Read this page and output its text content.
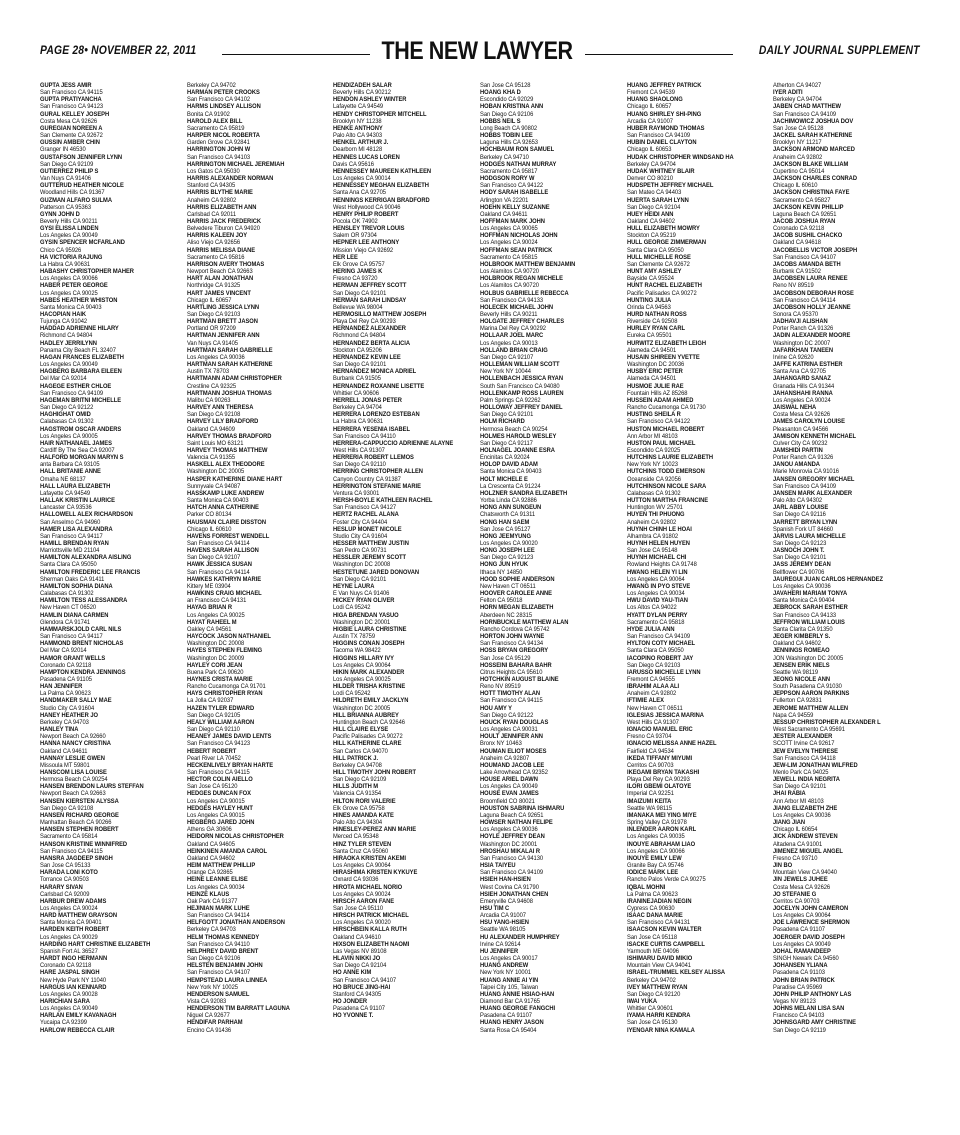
PAGE 28• NOVEMBER 22, 2011	THE NEW LAWYER	DAILY JOURNAL SUPPLEMENT
GUPTA JESS AMIR
San Francisco CA 94115
GUPTA PRATIYANCHA
San Francisco CA 94123
GURAL KELLEY JOSEPH
Costa Mesa CA 92626
GUREGIAN NOREEN A
San Clemente CA 92672
GUSSIN AMBER CHIN
Granger IN 46530
GUSTAFSON JENNIFER LYNN
San Diego CA 92109
GUTIERREZ PHILIP S
Van Nuys CA 91406
GUTTERUD HEATHER NICOLE
Woodland Hills CA 91367
GUZMAN ALFARO SULMA
Patterson CA 95363
GYNN JOHN D
Beverly Hills CA 90211
GYSI ELISSA LINDEN
Los Angeles CA 90049
GYSIN SPENCER MCFARLAND
Chico CA 95926
HA VICTORIA RAJUNG
La Habra CA 90631
HABASHY CHRISTOPHER MAHER
Los Angeles CA 90066
HABER PETER GEORGE
Los Angeles CA 90025
HABES HEATHER WHISTON
Santa Monica CA 90403
HACOPIAN HAIK
Tujunga CA 91042
HADDAD ADRIENNE HILARY
Richmond CA 94804
HADLEY JERRILYNN
Panama City Beach FL 32407
HAGAN FRANCES ELIZABETH
Los Angeles CA 90049
HAGBERG BARBARA EILEEN
Del Mar CA 92014
HAGEGE ESTHER CHLOE
San Francisco CA 94109
HAGEMAN BRITNI MICHELLE
San Diego CA 92122
HAGHIGHAT OMID
Calabasas CA 91302
HAGSTROM OSCAR ANDERS
Los Angeles CA 90005
HAIR NATHANAEL JAMES
Cardiff By The Sea CA 92007
HALFORD MORGAN MARYN S
anta Barbara CA 93105
HALL BRITANIE ANNE
Omaha NE 68137
HALL LAURA ELIZABETH
Lafayette CA 94549
HALLAK KRISTIN LAURICE
Lancaster CA 93536
HALLOWELL ALEX RICHARDSON
San Anselmo CA 94960
HAMER LISA ALEXANDRA
San Francisco CA 94117
HAMILL BRENDAN RYAN
Marriottsville MD 21104
HAMILTON ALEXANDRA AISLING
Santa Clara CA 95050
HAMILTON FREDERIC LEE FRANCIS
Sherman Oaks CA 91411
HAMILTON SOPHIA DIANA
Calabasas CA 91302
HAMILTON TESS ALESSANDRA
New Haven CT 06520
HAMLIN DIANA CARMEN
Glendora CA 91741
HAMMARSKJOLD CARL NILS
San Francisco CA 94117
HAMMOND BRENT NICHOLAS
Del Mar CA 92014
HAMOR GRANT WELLS
Coronado CA 92118
HAMPTON KENDRA JENNINGS
Pasadena CA 91105
HAN JENNIFER
La Palma CA 90623
HANDMAKER SALLY MAE
Studio City CA 91604
HANEY HEATHER JO
Berkeley CA 94703
HANLEY TINA
Newport Beach CA 92660
HANNA NANCY CRISTINA
Oakland CA 94611
HANNAY LESLIE GWEN
Missoula MT 59801
HANSCOM LISA LOUISE
Hermosa Beach CA 90254
HANSEN BRENDON LAURS STEFFAN
Newport Beach CA 92663
HANSEN KIERSTEN ALYSSA
San Diego CA 92108
HANSEN RICHARD GEORGE
Manhattan Beach CA 90266
HANSEN STEPHEN ROBERT
Sacramento CA 95814
HANSON KRISTINE WINNIFRED
San Francisco CA 94115
HANSRA JAGDEEP SINGH
San Jose CA 95133
HARADA LONI KOTO
Torrance CA 90503
HARARY SIVAN
Carlsbad CA 92009
HARBUR DREW ADAMS
Los Angeles CA 90024
HARD MATTHEW GRAYSON
Santa Monica CA 90401
HARDEN KEITH ROBERT
Los Angeles CA 90029
HARDING HART CHRISTINE ELIZABETH
Spanish Fort AL 36527
HARDT INGO HERMANN
Coronado CA 92118
HARE JASPAL SINGH
New Hyde Park NY 11040
HARGUS IAN KENNARD
Los Angeles CA 90028
HARICHIAN SARA
Los Angeles CA 90049
HARLAN EMILY KAVANAGH
Yucaipa CA 92399
HARLOW REBECCA CLAIR
Berkeley CA 94702
HARMAN PETER CROOKS
San Francisco CA 94102
HARMS LINDSEY ALLISON
Bonita CA 91902
HAROLD ALEX BILL
Sacramento CA 95819
HARPER NICOL ROBERTA
Garden Grove CA 92841
HARRINGTON JOHN W
San Francisco CA 94103
HARRINGTON MICHAEL JEREMIAH
Los Gatos CA 95030
HARRIS ALEXANDER NORMAN
Stanford CA 94305
HARRIS BLYTHE MARIE
Anaheim CA 92802
HARRIS ELIZABETH ANN
Carlsbad CA 92011
HARRIS JACK FREDERICK
Belvedere Tiburon CA 94920
HARRIS KALEEN JOY
Aliso Viejo CA 92656
HARRIS MELISSA DIANE
Sacramento CA 95816
HARRISON AVERY THOMAS
Newport Beach CA 92663
HART ALAN JONATHAN
Northridge CA 91325
HART JAMES VINCENT
Chicago IL 60657
HARTLING JESSICA LYNN
San Diego CA 92103
HARTMAN BRETT JASON
Portland OR 97209
HARTMAN JENNIFER ANN
Van Nuys CA 91405
HARTMAN SARAH GABRIELLE
Los Angeles CA 90036
HARTMAN SARAH KATHERINE
Austin TX 78703
HARTMANN ADAM CHRISTOPHER
Crestline CA 92325
HARTMANN JOSHUA THOMAS
Malibu CA 90263
HARVEY ANN THERESA
San Diego CA 92108
HARVEY LILY BRADFORD
Oakland CA 94609
HARVEY THOMAS BRADFORD
Saint Louis MO 63121
HARVEY THOMAS MATTHEW
Valencia CA 91355
HASKELL ALEX THEODORE
Washington DC 20005
HASPER KATHERINE DIANE HART
Sunnyvale CA 94087
HASSKAMP LUKE ANDREW
Santa Monica CA 90403
HATCH ANNA CATHERINE
Parker CO 80134
HAUSMAN CLAIRE DISSTON
Chicago IL 60610
HAVENS FORREST WENDELL
San Francisco CA 94114
HAVENS SARAH ALLISON
San Diego CA 92107
HAWK JESSICA SUSAN
San Francisco CA 94114
HAWKES KATHRYN MARIE
Kittery ME 03904
HAWKINS CRAIG MICHAEL
an Francisco CA 94131
HAYAG BRIAN R
Los Angeles CA 90025
HAYAT RAHEEL M
Oakley CA 94561
HAYCOCK JASON NATHANIEL
Washington DC 20008
HAYES STEPHEN FLEMING
Washington DC 20009
HAYLEY CORI JEAN
Buena Park CA 90620
HAYNES CRISTA MARIE
Rancho Cucamonga CA 91701
HAYS CHRISTOPHER RYAN
La Jolla CA 92037
HAZEN TYLER EDWARD
San Diego CA 92105
HEALY WILLIAM AARON
San Diego CA 92110
HEANEY JAMES DAVID LENTS
San Francisco CA 94123
HEBERT ROBERT
Pearl River LA 70452
HECKENLIVELY BRYAN HARTE
San Francisco CA 94115
HECTOR COLIN AIELLO
San Jose CA 95120
HEDGES DUNCAN FOX
Los Angeles CA 90015
HEDGES HAYLEY HUNT
Los Angeles CA 90015
HEGBERG JARED JOHN
Athens GA 30606
HEIDORN NICOLAS CHRISTOPHER
Oakland CA 94605
HEINKINEN AMANDA CAROL
Oakland CA 94602
HEIM MATTHEW PHILLIP
Orange CA 92865
HEINE LEANNE ELISE
Los Angeles CA 90034
HEINZE KLAUS
Oak Park CA 91377
HEJINIAN MARK LUHE
San Francisco CA 94114
HELFGOTT JONATHAN ANDERSON
Berkeley CA 94703
HELM THOMAS KENNEDY
San Francisco CA 94110
HELPHREY DAVID BRENT
San Diego CA 92106
HELSTEN BENJAMIN JOHN
San Francisco CA 94107
HEMPSTEAD LAURA LINNEA
New York NY 10025
HENDERSON SAMUEL
Vista CA 92083
HENDERSON TIM BARRATT LAGUNA
Niguel CA 92677
HENDIFAR PARHAM
Encino CA 91436
HENDIZADEH SALAR
Beverly Hills CA 90212
HENDON ASHLEY WINTER
Lafayette CA 94549
HENDY CHRISTOPHER MITCHELL
Brooklyn NY 11238
HENKE ANTHONY
Palo Alto CA 94303
HENKEL ARTHUR J.
Dearborn MI 48128
HENNES LUCAS LOREN
Davis CA 95616
HENNESSEY MAUREEN KATHLEEN
Los Angeles CA 90014
HENNESSEY MEGHAN ELIZABETH
Santa Ana CA 92705
HENNINGS KERRIGAN BRADFORD
West Hollywood CA 90046
HENRY PHILIP ROBERT
Pocola OK 74902
HENSLEY TREVOR LOUIS
Salem OR 97304
HEPNER LEE ANTHONY
Mission Viejo CA 92692
HER LEE
Elk Grove CA 95757
HERING JAMES K
Fresno CA 93720
HERMAN JEFFREY SCOTT
San Diego CA 92101
HERMAN SARAH LINDSAY
Bellevue WA 98004
HERMOSILLO MATTHEW JOSEPH
Playa Del Rey CA 90293
HERNANDEZ ALEXANDER
Richmond CA 94804
HERNANDEZ BERTA ALICIA
Stockton CA 95206
HERNANDEZ KEVIN LEE
San Diego CA 92101
HERNANDEZ MONICA ADRIEL
Burbank CA 91505
HERNANDEZ ROXANNE LISETTE
Whittier CA 90606
HERRELL JONAS PETER
Berkeley CA 94704
HERRERA LORENZO ESTEBAN
La Habra CA 90631
HERRERA YESENIA ISABEL
San Francisco CA 94110
HERRERA-CAPPUCCIO ADRIENNE ALAYNE
West Hills CA 91307
HERRERIA ROBERT LLEMOS
San Diego CA 92110
HERRING CHRISTOPHER ALLEN
Canyon Country CA 91387
HERRINGTON STEFANIE MARIE
Ventura CA 93001
HERSH-BOYLE KATHLEEN RACHEL
San Francisco CA 94127
HERTZ RACHEL ALANA
Foster City CA 94404
HESLUP MONET NICOLE
Studio City CA 91604
HESSER MATTHEW JUSTIN
San Pedro CA 90731
HESSLER JEREMY SCOTT
Washington DC 20008
HESTETUNE JARED DONOVAN
San Diego CA 92101
HEYNE LAURA
E Van Nuys CA 91406
HICKEY RYAN OLIVER
Lodi CA 95242
HIGA BRENDAN YASUO
Washington DC 20001
HIGBIE LAURA CHRISTINE
Austin TX 78759
HIGGINS CONAN JOSEPH
Tacoma WA 98422
HIGGINS HILLARY IVY
Los Angeles CA 90064
HIKIN MARK ALEXANDER
Los Angeles CA 90025
HILDER TRISHA KRISTINE
Lodi CA 95242
HILDRETH EMILY JACKLYN
Washington DC 20005
HILL BRIANNA AUBREY
Huntington Beach CA 92646
HILL CLAIRE ELYSE
Pacific Palisades CA 90272
HILL KATHERINE CLARE
San Carlos CA 94070
HILL PATRICK J.
Berkeley CA 94708
HILL TIMOTHY JOHN ROBERT
San Diego CA 92109
HILLS JUDITH M
Valencia CA 91354
HILTON RORI VALERIE
Elk Grove CA 95758
HINES AMANDA KATE
Palo Alto CA 94304
HINESLEY-PEREZ ANN MARIE
Merced CA 95348
HINZ TYLER STEVEN
Santa Cruz CA 95060
HIRAOKA KRISTEN AKEMI
Los Angeles CA 90064
HIRASHIMA KRISTEN KYKUYE
Oxnard CA 93036
HIROTA MICHAEL NORIO
Los Angeles CA 90024
HIRSCH AARON FANE
San Jose CA 95110
HIRSCH PATRICK MICHAEL
Los Angeles CA 90020
HIRSCHBEIN KALLA RUTH
Oakland CA 94610
HIXSON ELIZABETH NAOMI
Las Vegas NV 89108
HLAVIN NIKKI JO
San Diego CA 92104
HO ANNE KIM
San Francisco CA 94107
HO BRUCE JING-HAI
Stanford CA 94305
HO JONDER
Pasadena CA 91107
HO YVONNE T.
San Jose CA 95128
HOANG KHA D
Escondido CA 92029
HOBAN KRISTINA ANN
San Diego CA 92106
HOBBS NEIL S
Long Beach CA 90802
HOBBS TOBIN LEE
Laguna Hills CA 92653
HOCHBAUM RON SAMUEL
Berkeley CA 94710
HODGES NATHAN MURRAY
Sacramento CA 95817
HODGSON RORY W
San Francisco CA 94122
HODY SARAH ISABELLE
Arlington VA 22201
HOEHN KELLY SUZANNE
Oakland CA 94611
HOFFMAN MARK JOHN
Los Angeles CA 90065
HOFFMAN NICHOLAS JOHN
Los Angeles CA 90024
HOFFMAN SEAN PATRICK
Sacramento CA 95815
HOLBROOK MATTHEW BENJAMIN
Los Alamitos CA 90720
HOLBROOK REGAN MICHELE
Los Alamitos CA 90720
HOLBUS GABRIELLE REBECCA
San Francisco CA 94133
HOLECEK MICHAEL JOHN
Beverly Hills CA 90211
HOLGATE JEFFREY CHARLES
Marina Del Rey CA 90292
HOLLAAR JOEL MARC
Los Angeles CA 90013
HOLLAND BRIAN CRAIG
San Diego CA 92107
HOLLEMAN WILLIAM SCOTT
New York NY 10044
HOLLENBACH JESSICA RYAN
South San Francisco CA 94080
HOLLENKAMP ROSS LAUREN
Palm Springs CA 92262
HOLLOWAY JEFFREY DANIEL
San Diego CA 92101
HOLM RICHARD
Hermosa Beach CA 90254
HOLMES HAROLD WESLEY
San Diego CA 92117
HOLNAGEL JOANNE ESRA
Encinitas CA 92024
HOLOP DAVID ADAM
Santa Monica CA 90403
HOLT MICHELE E
La Crescenta CA 91224
HOLZNER SANDRA ELIZABETH
Yorba Linda CA 92886
HONG ANN SUNGEUN
Chatsworth CA 91311
HONG HAN SAEM
San Jose CA 95127
HONG JEEMYUNG
Los Angeles CA 90020
HONG JOSEPH LEE
San Diego CA 92123
HONG JUN HYUK
Ithaca NY 14850
HOOD SOPHIE ANDERSON
New Haven CT 06511
HOOVER CAROLEE ANNE
Felton CA 95018
HORN MEGAN ELIZABETH
Aberdeen NC 28315
HORNBUCKLE MATTHEW ALAN
Rancho Cordova CA 95742
HORTON JOHN WAYNE
San Francisco CA 94134
HOSS BRYAN GREGORY
San Jose CA 95129
HOSSEINI BAHARA BAHR
Citrus Heights CA 95610
HOTCHKIN AUGUST BLAINE
Reno NV 89519
HOTT TIMOTHY ALAN
San Francisco CA 94115
HOU AMY Y
San Diego CA 92122
HOUCK RYAN DOUGLAS
Los Angeles CA 90031
HOULT JENNIFER ANN
Bronx NY 10463
HOUMAN ELIOT MOSES
Anaheim CA 92807
HOUMAND JACOB LEE
Lake Arrowhead CA 92352
HOUSE ARIEL DAWN
Los Angeles CA 90049
HOUSE EVAN JAMES
Broomfield CO 80021
HOUSTON SABRINA ISHMARU
Laguna Beach CA 92651
HOWSER NATHAN FELIPE
Los Angeles CA 90036
HOYLE JEFFREY DEAN
Washington DC 20001
HROSHAU MIKALAI R
San Francisco CA 94130
HSIA TAIYEU
San Francisco CA 94109
HSIEH HAN-HSIEN
West Covina CA 91790
HSIEH JONATHAN CHEN
Emeryville CA 94608
HSU TIM C
Arcadia CA 91007
HSU YANG-HSIEN
Seattle WA 98105
HU ALEXANDER HUMPHREY
Irvine CA 92614
HU JENNIFER
Los Angeles CA 90017
HUANG ANDREW
New York NY 10001
HUANG ANNIE AI YIN
Taipei City 105, Taiwan
HUANG ANNIE HSIAO-HAN
Diamond Bar CA 91765
HUANG GEORGE FANGCHI
Pasadena CA 91107
HUANG HENRY JASON
Santa Rosa CA 95404
HUANG JEFFREY PATRICK
Fremont CA 94539
HUANG SHAOLONG
Chicago IL 60657
HUANG SHIRLEY SHI-PING
Arcadia CA 91007
HUBER RAYMOND THOMAS
San Francisco CA 94109
HUBIN DANIEL CLAYTON
Chicago IL 60653
HUDAK CHRISTOPHER WINDSAND HA
Berkeley CA 94704
HUDAK WHITNEY BLAIR
Denver CO 80210
HUDSPETH JEFFREY MICHAEL
San Mateo CA 94403
HUERTA SARAH LYNN
San Diego CA 92104
HUEY HEIDI ANN
Oakland CA 94602
HULL ELIZABETH MOWRY
Stockton CA 95219
HULL GEORGE ZIMMERMAN
Santa Clara CA 95050
HULL MICHELLE ROSE
San Clemente CA 92672
HUNT AMY ASHLEY
Bayside CA 95524
HUNT RACHEL ELIZABETH
Pacific Palisades CA 90272
HUNTING JULIA
Orinda CA 94563
HURD NATHAN ROSS
Riverside CA 92508
HURLEY RYAN CARL
Eureka CA 95501
HURWITZ ELIZABETH LEIGH
Alameda CA 94501
HUSAIN SHIREEN YVETTE
Washington DC 20036
HUSBY ERIC PETER
Alameda CA 94501
HUSMOE JULIE RAE
Fountain Hills AZ 85268
HUSSEIN ADAM AHMED
Rancho Cucamonga CA 91730
HUSTING SHEILA R
San Francisco CA 94122
HUSTON MICHAEL ROBERT
Ann Arbor MI 48103
HUSTON PAUL MICHAEL
Escondido CA 92025
HUTCHINS LAURIE ELIZABETH
New York NY 10023
HUTCHINS TODD EMERSON
Oceanside CA 92056
HUTCHINSON NICOLE SARA
Calabasas CA 91302
HUTTON MARTHA FRANCINE
Huntington WV 25701
HUYEN THI PHUONG
Anaheim CA 92802
HUYNH CHINH LE HOAI
Alhambra CA 91802
HUYNH HELEN HUYEN
San Jose CA 95148
HUYNH MICHAEL CHI
Rowland Heights CA 91748
HWANG HELEN YI LIN
Los Angeles CA 90064
HWANG IN PYO STEVE
Los Angeles CA 90034
HWU DAVID YAU-TIAN
Los Altos CA 94022
HYATT DYLAN PERRY
Sacramento CA 95818
HYDE JULIA ANN
San Francisco CA 94109
HYLTON COTY MICHAEL
Santa Clara CA 95050
IACOPINO ROBERT JAY
San Diego CA 92103
IARUSSO MICHELLE LYNN
Fremont CA 94555
IBRAHIM ALAA ALI
Anaheim CA 92802
IFTIMIE ALEX
New Haven CT 06511
IGLESIAS JESSICA MARINA
West Hills CA 91307
IGNACIO MANUEL ERIC
Fresno CA 93704
IGNACIO MELISSA ANNE HAZEL
Fairfield CA 94534
IKEDA TIFFANY MIYUMI
Cerritos CA 90703
IKEGAMI BRYAN TAKASHI
Playa Del Rey CA 90293
ILORI GBEMI OLATOYE
Imperial CA 92251
IMAIZUMI KEITA
Seattle WA 98115
IMANAKA MEI YING MIYE
Spring Valley CA 91978
INLENDER AARON KARL
Los Angeles CA 90035
INOUYE ABRAHAM LIAO
Los Angeles CA 90066
INOUYE EMILY LEW
Granite Bay CA 95746
IODICE MARK LEE
Rancho Palos Verde CA 90275
IQBAL MOHNI
La Palma CA 90623
IRANINEJADIAN NEGIN
Cypress CA 90630
ISAAC DANA MARIE
San Francisco CA 94131
ISAACSON KEVIN WALTER
San Jose CA 95118
ISACKE CURTIS CAMPBELL
Yarmouth ME 04096
ISHIMARU DAVID MIKIO
Mountain View CA 94041
ISRAEL-TRUMMEL KELSEY ALISSA
Berkeley CA 94702
IVEY MATTHEW RYAN
San Diego CA 92120
IWAI YUKA
Whittier CA 90601
IYAMA HARRI KENDRA
San Jose CA 95130
IYENGAR NINA KAMALA
Atherton CA 94027
IYER ADITI
Berkeley CA 94704
JABEN CHAD MATTHEW
San Francisco CA 94109
JACHIMOWICZ JOSHUA DOV
San Jose CA 95128
JACKEL SARAH KATHERINE
Brooklyn NY 11217
JACKSON ARMOND MARCED
Anaheim CA 92802
JACKSON BLAKE WILLIAM
Cupertino CA 95014
JACKSON CHARLES CONRAD
Chicago IL 60610
JACKSON CHRISTINA FAYE
Sacramento CA 95827
JACKSON KEVIN PHILLIP
Laguna Beach CA 92651
JACOB JOSHUA RYAN
Coronado CA 92118
JACOB SUSHIL CHACKO
Oakland CA 94618
JACOBELLIS VICTOR JOSEPH
San Francisco CA 94107
JACOBS AMANDA BETH
Burbank CA 91502
JACOBSEN LAURA RENEE
Reno NV 89519
JACOBSON DEBORAH ROSE
San Francisco CA 94114
JACOBSON HOLLY JEANNE
Sonora CA 95370
JADHAVJI ALISHAN
Porter Ranch CA 91326
JADIN ALEXANDER MOORE
Washington DC 20007
JAFARKHAN TANEEN
Irvine CA 92620
JAFFE KATRINA ESTHER
Santa Ana CA 92705
JAHANGARD SANAZ
Granada Hills CA 91344
JAHANSHAHI RANNA
Los Angeles CA 90024
JAISWAL NEHA
Costa Mesa CA 92626
JAMES CAROLYN LOUISE
Pleasanton CA 94566
JAMISON KENNETH MICHAEL
Culver City CA 90232
JAMSHIDI PARTIN
Porter Ranch CA 91326
JANOU AMANDA
Marie Monrovia CA 91016
JANSEN GREGORY MICHAEL
San Francisco CA 94109
JANSEN MARK ALEXANDER
Palo Alto CA 94302
JARL ABBY LOUISE
San Diego CA 92116
JARRETT BRYAN LYNN
Spanish Fork UT 84660
JARVIS LAURA MICHELLE
San Diego CA 92123
JASNOCH JOHN T.
San Diego CA 92101
JASS JEREMY DEAN
Bellflower CA 90706
JAUREGUI JUAN CARLOS HERNANDEZ
Los Angeles CA 90036
JAVAHERI MARIAM TONYA
Santa Monica CA 90404
JEBROCK SARAH ESTHER
San Francisco CA 94133
JEFFRON WILLIAM LOUIS
Santa Clarita CA 91350
JEGER KIMBERLY S.
Oakland CA 94602
JENNINGS ROMEAO
JON Washington DC 20005
JENSEN ERIK NIELS
Seattle WA 98119
JEONG NICOLE ANN
South Pasadena CA 91030
JEPPSON AARON PARKINS
Fullerton CA 92831
JEROME MATTHEW ALLEN
Napa CA 94559
JESSUP CHRISTOPHER ALEXANDER L
West Sacramento CA 95691
JESTER ALEXANDER
SCOTT Irvine CA 92617
JEW EVELYN THERESE
San Francisco CA 94118
JEW-LIM JONATHAN WILFRED
Menlo Park CA 94025
JEWELL INDIA NEGRITA
San Diego CA 92101
JHAI RABIA
Ann Arbor MI 48103
JIANG ELIZABETH ZHE
Los Angeles CA 90036
JIANG JIAN
Chicago IL 60654
JICK ANDREW STEVEN
Altadena CA 91001
JIMENEZ MIGUEL ANGEL
Fresno CA 93710
JIN BO
Mountain View CA 94040
JIN JEWELS JUHEE
Costa Mesa CA 92626
JO STEFANIE G
Cerritos CA 90703
JOCELYN JOHN CAMERON
Los Angeles CA 90064
JOE LAWRENCE SHERMON
Pasadena CA 91107
JOERGER DAVID JOSEPH
Los Angeles CA 90049
JOHAL RAMANDEEP
SINGH Newark CA 94560
JOHANSEN YLIANA
Pasadena CA 91103
JOHN BRIAN PATRICK
Paradise CA 95969
JOHN PHILIP ANTHONY LAS
Vegas NV 89123
JOHNS MELANI LISA SAN
Francisco CA 94103
JOHNSGARD AMY CHRISTINE
San Diego CA 92119
